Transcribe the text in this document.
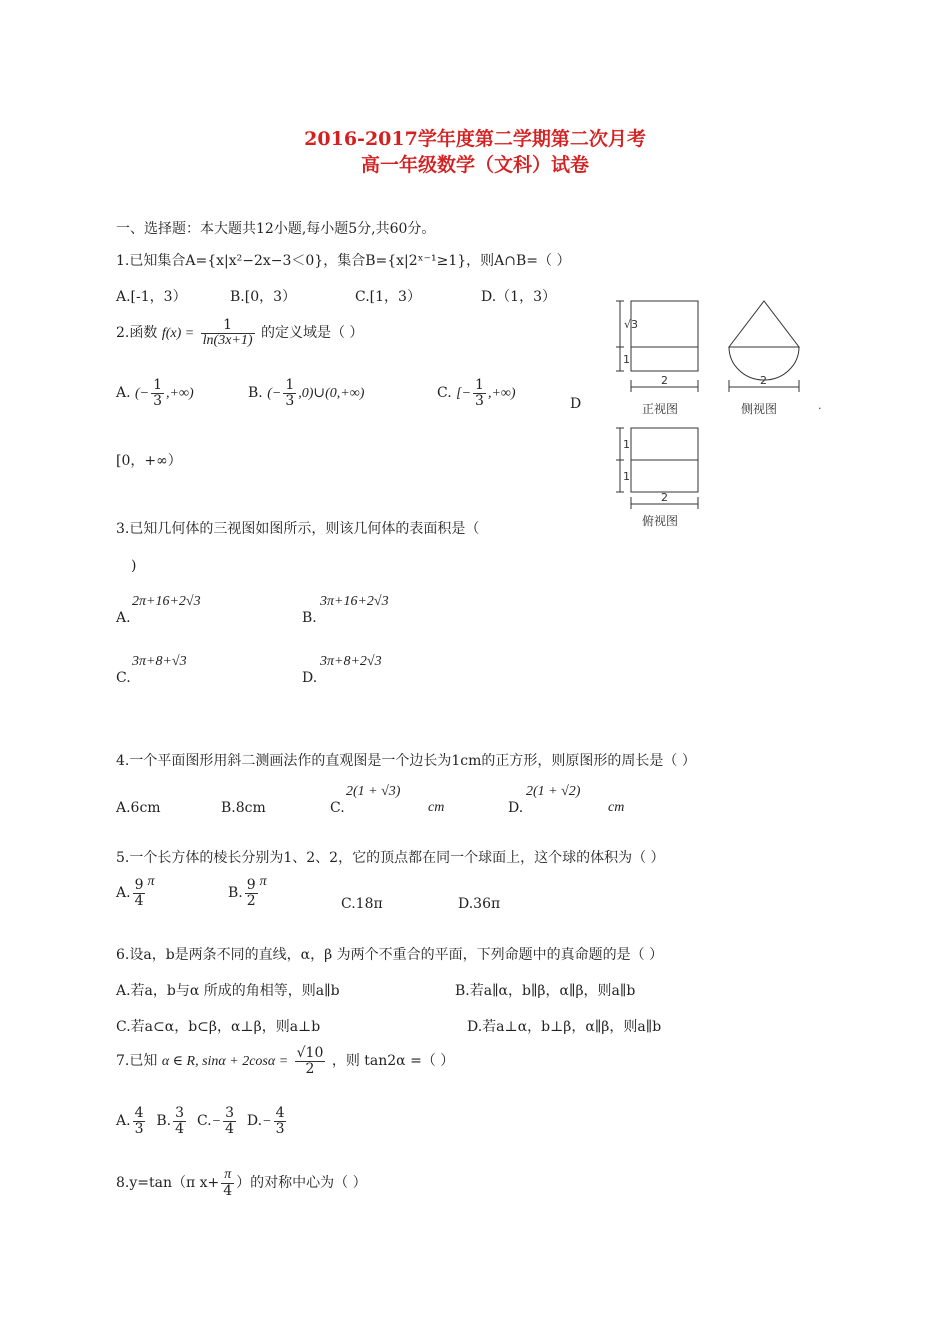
2016-2017学年度第二学期第二次月考
高一年级数学（文科）试卷
一、选择题：本大题共12小题,每小题5分,共60分。
1.已知集合A={x|x²−2x−3＜0}，集合B={x|2ˣ⁻¹≥1}，则A∩B=（ ）
A.[-1，3）	B.[0，3）	C.[1，3）	D.（1，3）
2.函数 $f(x) = \frac{1}{\ln(3x+1)}$ 的定义域是（ ）
A. (− $\frac{1}{3}$ ,+∞)	B. (− $\frac{1}{3}$ ,0)∪(0,+∞)	C. [− $\frac{1}{3}$ ,+∞)
D
[0，+∞）
√3
1
2
正视图
2
侧视图	.
1
1
2
俯视图
3.已知几何体的三视图如图所示，则该几何体的表面积是（
)
A.
2π+16+2√3
B.
3π+16+2√3
C.
3π+8+√3
D.
3π+8+2√3
4.一个平面图形用斜二测画法作的直观图是一个边长为1cm的正方形，则原图形的周长是（ ）
A.6cm	B.8cm	C.
2(1 + √3)
cm	D.
2(1 + √2)
cm
5.一个长方体的棱长分别为1、2、2，它的顶点都在同一个球面上，这个球的体积为（ ）
A. $\frac{9}{4}$ π
B. $\frac{9}{2}$ π
C.18π	D.36π
6.设a，b是两条不同的直线，α，β 为两个不重合的平面，下列命题中的真命题的是（ ）
A.若a，b与α 所成的角相等，则a∥b	B.若a∥α，b∥β，α∥β，则a∥b
C.若a⊂α，b⊂β，α⊥β，则a⊥b	D.若a⊥α，b⊥β，α∥β，则a∥b
7.已知 α ∈ R, $\sin\alpha + 2\cos\alpha = \frac{√10}{2}$ ，则 tan2α =（ ）
A. $\frac{4}{3} B$. $\frac{3}{4} C.- \frac{3}{4} D.- \frac{4}{3}$
8.y=tan（π $x+ \frac{\pi}{4}$ ）的对称中心为（ ）
